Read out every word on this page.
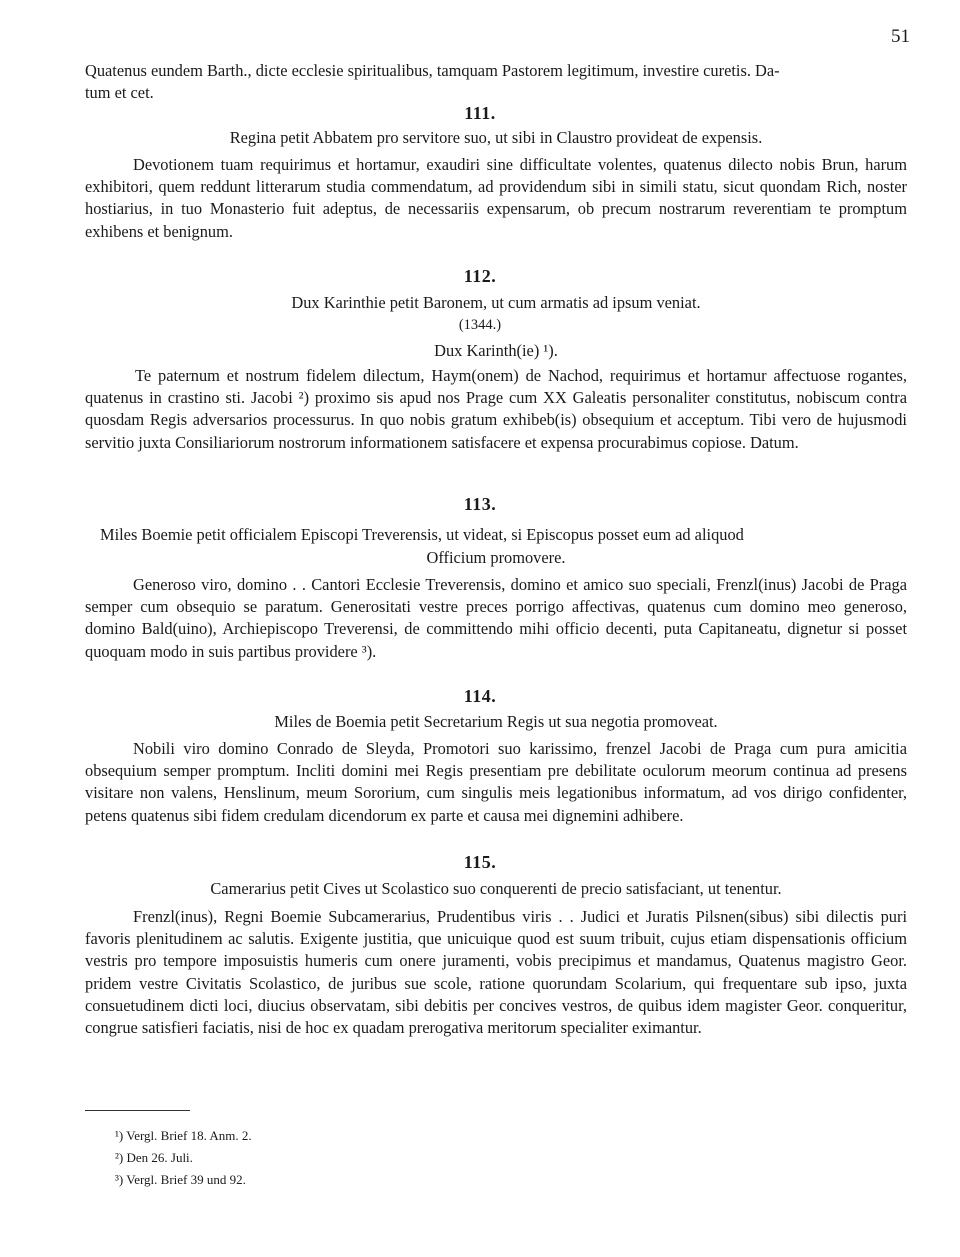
51
Quatenus eundem Barth., dicte ecclesie spiritualibus, tamquam Pastorem legitimum, investire curetis. Da-
tum et cet.
111.
Regina petit Abbatem pro servitore suo, ut sibi in Claustro provideat de expensis.
Devotionem tuam requirimus et hortamur, exaudiri sine difficultate volentes, quatenus dilecto nobis Brun, harum exhibitori, quem reddunt litterarum studia commendatum, ad providendum sibi in simili statu, sicut quondam Rich, noster hostiarius, in tuo Monasterio fuit adeptus, de necessariis expensarum, ob precum nostrarum reverentiam te promptum exhibens et benignum.
112.
Dux Karinthie petit Baronem, ut cum armatis ad ipsum veniat.
(1344.)
Dux Karinth(ie) ¹).
Te paternum et nostrum fidelem dilectum, Haym(onem) de Nachod, requirimus et hortamur affectuose rogantes, quatenus in crastino sti. Jacobi ²) proximo sis apud nos Prage cum XX Galeatis personaliter constitutus, nobiscum contra quosdam Regis adversarios processurus. In quo nobis gratum exhibeb(is) obsequium et acceptum. Tibi vero de hujusmodi servitio juxta Consiliariorum nostrorum informationem satisfacere et expensa procurabimus copiose. Datum.
113.
Miles Boemie petit officialem Episcopi Treverensis, ut videat, si Episcopus posset eum ad aliquod
Officium promovere.
Generoso viro, domino . . Cantori Ecclesie Treverensis, domino et amico suo speciali, Frenzl(inus) Jacobi de Praga semper cum obsequio se paratum. Generositati vestre preces porrigo affectivas, quatenus cum domino meo generoso, domino Bald(uino), Archiepiscopo Treverensi, de committendo mihi officio decenti, puta Capitaneatu, dignetur si posset quoquam modo in suis partibus providere ³).
114.
Miles de Boemia petit Secretarium Regis ut sua negotia promoveat.
Nobili viro domino Conrado de Sleyda, Promotori suo karissimo, frenzel Jacobi de Praga cum pura amicitia obsequium semper promptum. Incliti domini mei Regis presentiam pre debilitate oculorum meorum continua ad presens visitare non valens, Henslinum, meum Sororium, cum singulis meis legationibus informatum, ad vos dirigo confidenter, petens quatenus sibi fidem credulam dicendorum ex parte et causa mei dignemini adhibere.
115.
Camerarius petit Cives ut Scolastico suo conquerenti de precio satisfaciant, ut tenentur.
Frenzl(inus), Regni Boemie Subcamerarius, Prudentibus viris . . Judici et Juratis Pilsnen(sibus) sibi dilectis puri favoris plenitudinem ac salutis. Exigente justitia, que unicuique quod est suum tribuit, cujus etiam dispensationis officium vestris pro tempore imposuistis humeris cum onere juramenti, vobis precipimus et mandamus, Quatenus magistro Geor. pridem vestre Civitatis Scolastico, de juribus sue scole, ratione quorundam Scolarium, qui frequentare sub ipso, juxta consuetudinem dicti loci, diucius observatam, sibi debitis per concives vestros, de quibus idem magister Geor. conqueritur, congrue satisfieri faciatis, nisi de hoc ex quadam prerogativa meritorum specialiter eximantur.
¹) Vergl. Brief 18. Anm. 2.
²) Den 26. Juli.
³) Vergl. Brief 39 und 92.
